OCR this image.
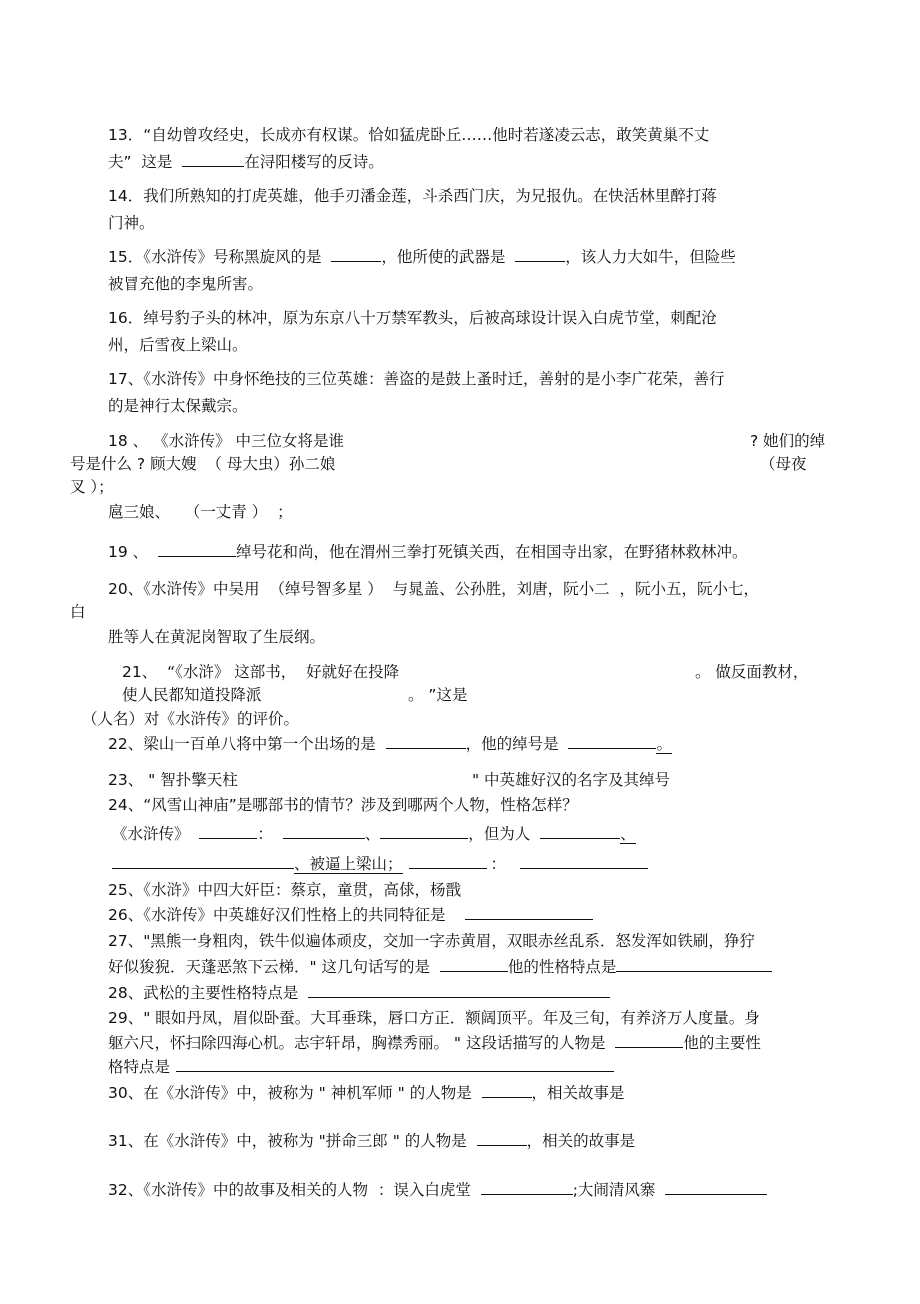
13．“自幼曾攻经史，长成亦有权谋。恰如猛虎卧丘……他时若遂凌云志，敢笑黄巢不丈
夫”  这是	在浔阳楼写的反诗。
14．我们所熟知的打虎英雄，他手刃潘金莲，斗杀西门庆，为兄报仇。在快活林里醉打蒋
门神。
15．《水浒传》号称黑旋风的是	，他所使的武器是	，该人力大如牛，但险些
被冒充他的李鬼所害。
16．绰号豹子头的林冲，原为东京八十万禁军教头，后被高球设计误入白虎节堂，刺配沧
州，后雪夜上梁山。
17、《水浒传》中身怀绝技的三位英雄：善盗的是鼓上蚤时迁，善射的是小李广花荣，善行
的是神行太保戴宗。
18 、 《水浒传》 中三位女将是谁	? 她们的绰
号是什么 ? 顾大嫂  （ 母大虫）孙二娘	（母夜
叉 ）；
扈三娘、   （一丈青 ）  ；
19 、	绰号花和尚，他在渭州三拳打死镇关西，在相国寺出家，在野猪林救林冲。
20、《水浒传》中吴用  （绰号智多星 ）  与晁盖、公孙胜，刘唐，阮小二  ，阮小五，阮小七，
白
胜等人在黄泥岗智取了生辰纲。
21、  “《水浒》 这部书，  好就好在投降	。 做反面教材，
使人民都知道投降派	。 ”这是
（人名）对《水浒传》的评价。
22、梁山一百单八将中第一个出场的是	，他的绰号是	。
23、 " 智扑擎天柱	" 中英雄好汉的名字及其绰号
24、“风雪山神庙”是哪部书的情节？涉及到哪两个人物，性格怎样？
《水浒传》	：	、	，但为人	、
、被逼上梁山；	：
25、《水浒》中四大奸臣：蔡京，童贯，高俅，杨戬
26、《水浒传》中英雄好汉们性格上的共同特征是
27、"黑熊一身粗肉，铁牛似遍体顽皮，交加一字赤黄眉，双眼赤丝乱系．怒发浑如铁刷，狰狞
好似狻猊．天蓬恶煞下云梯．" 这几句话写的是	他的性格特点是
28、武松的主要性格特点是
29、" 眼如丹凤，眉似卧蚕。大耳垂珠，唇口方正．额阔顶平。年及三旬，有养济万人度量。身
躯六尺，怀扫除四海心机。志宇轩昂，胸襟秀丽。 " 这段话描写的人物是	他的主要性
格特点是
30、在《水浒传》中，被称为 " 神机军师 " 的人物是	，相关故事是
31、在《水浒传》中，被称为 "拼命三郎 " 的人物是	，相关的故事是
32、《水浒传》中的故事及相关的人物  ：误入白虎堂	;大闹清风寨
